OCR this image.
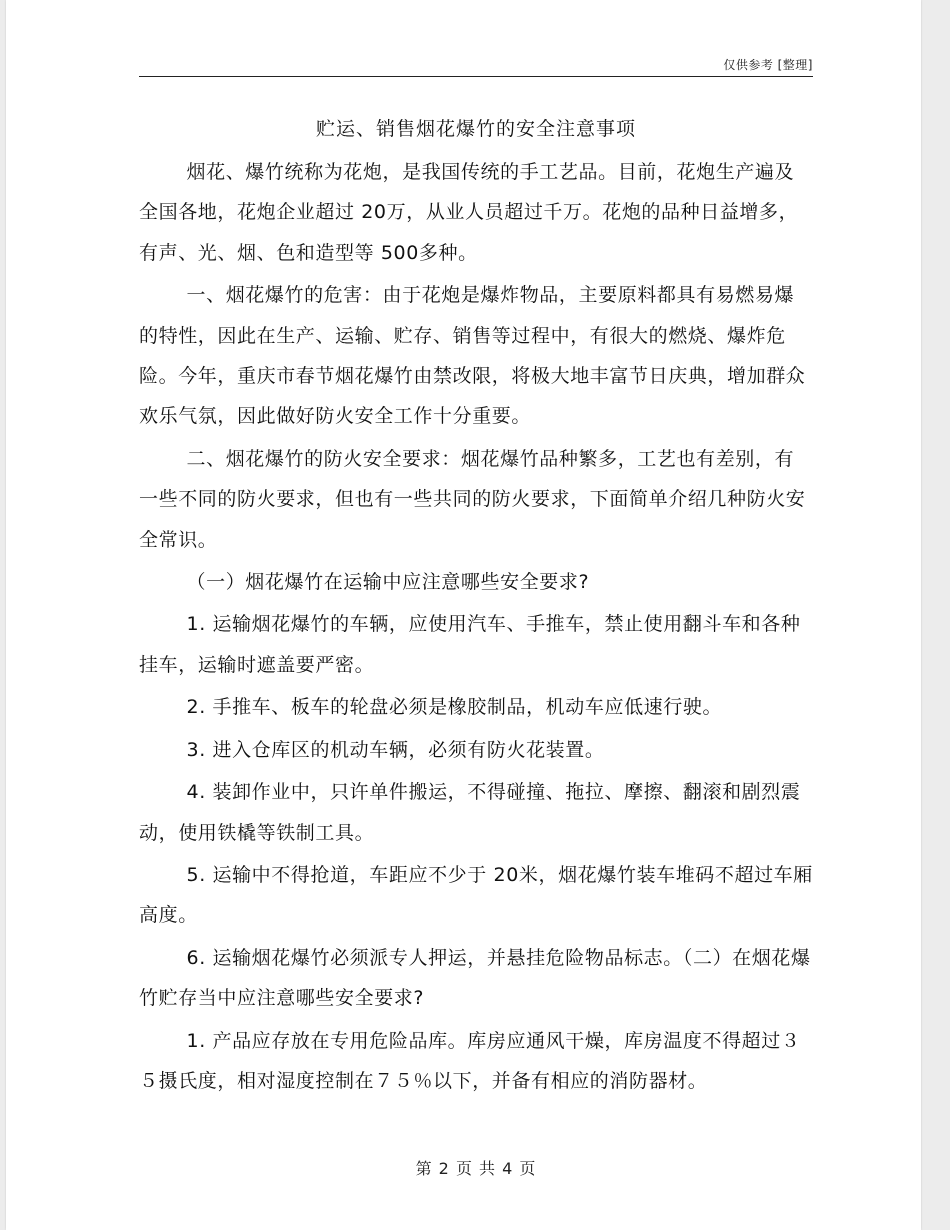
仅供参考 [整理]
贮运、销售烟花爆竹的安全注意事项

烟花、爆竹统称为花炮，是我国传统的手工艺品。目前，花炮生产遍及全国各地，花炮企业超过 20万，从业人员超过千万。花炮的品种日益增多，有声、光、烟、色和造型等 500多种。

一、烟花爆竹的危害：由于花炮是爆炸物品，主要原料都具有易燃易爆的特性，因此在生产、运输、贮存、销售等过程中，有很大的燃烧、爆炸危险。今年，重庆市春节烟花爆竹由禁改限，将极大地丰富节日庆典，增加群众欢乐气氛，因此做好防火安全工作十分重要。

二、烟花爆竹的防火安全要求：烟花爆竹品种繁多，工艺也有差别，有一些不同的防火要求，但也有一些共同的防火要求，下面简单介绍几种防火安全常识。

（一）烟花爆竹在运输中应注意哪些安全要求?

1. 运输烟花爆竹的车辆，应使用汽车、手推车，禁止使用翻斗车和各种挂车，运输时遮盖要严密。

2. 手推车、板车的轮盘必须是橡胶制品，机动车应低速行驶。

3. 进入仓库区的机动车辆，必须有防火花装置。

4. 装卸作业中，只许单件搬运，不得碰撞、拖拉、摩擦、翻滚和剧烈震动，使用铁橇等铁制工具。

5. 运输中不得抢道，车距应不少于 20米，烟花爆竹装车堆码不超过车厢高度。

6. 运输烟花爆竹必须派专人押运，并悬挂危险物品标志。（二）在烟花爆竹贮存当中应注意哪些安全要求?

1. 产品应存放在专用危险品库。库房应通风干燥，库房温度不得超过３５摄氏度，相对湿度控制在７５％以下，并备有相应的消防器材。

第 2 页 共 4 页
